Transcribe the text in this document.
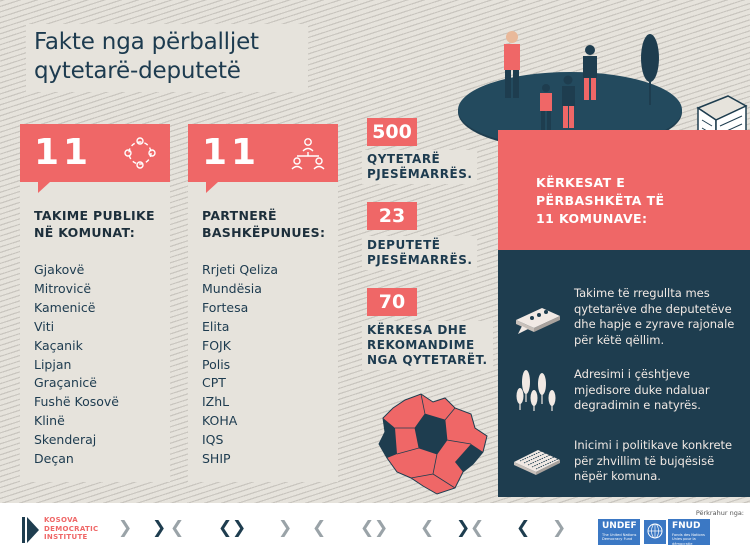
Fakte nga përballjet
qytetarë-deputetë
11
TAKIME PUBLIKE
NË KOMUNAT:
Gjakovë
Mitrovicë
Kamenicë
Viti
Kaçanik
Lipjan
Graçanicë
Fushë Kosovë
Klinë
Skenderaj
Deçan
11
PARTNERË
BASHKËPUNUES:
Rrjeti Qeliza
Mundësia
Fortesa
Elita
FOJK
Polis
CPT
IZhL
KOHA
IQS
SHIP
500
QYTETARË
PJESËMARRËS.
23
DEPUTETË
PJESËMARRËS.
70
KËRKESA DHE
REKOMANDIME
NGA QYTETARËT.
KËRKESAT E
PËRBASHKËTA TË
11 KOMUNAVE:
Takime të rregullta mes
qytetarëve dhe deputetëve
dhe hapje e zyrave rajonale
për këtë qëllim.
Adresimi i çështjeve
mjedisore duke ndaluar
degradimin e natyrës.
Inicimi i politikave konkrete
për zhvillim të bujqësisë
nëpër komuna.
KOSOVA
DEMOCRATIC
INSTITUTE	❯ ❯ ❮ ❮ ❯ ❯ ❮ ❮ ❯ ❮ ❯ ❮ ❮ ❯
Përkrahur nga:
UNDEF
The United Nations Democracy Fund
FNUD
Fonds des Nations Unies pour la démocratie
